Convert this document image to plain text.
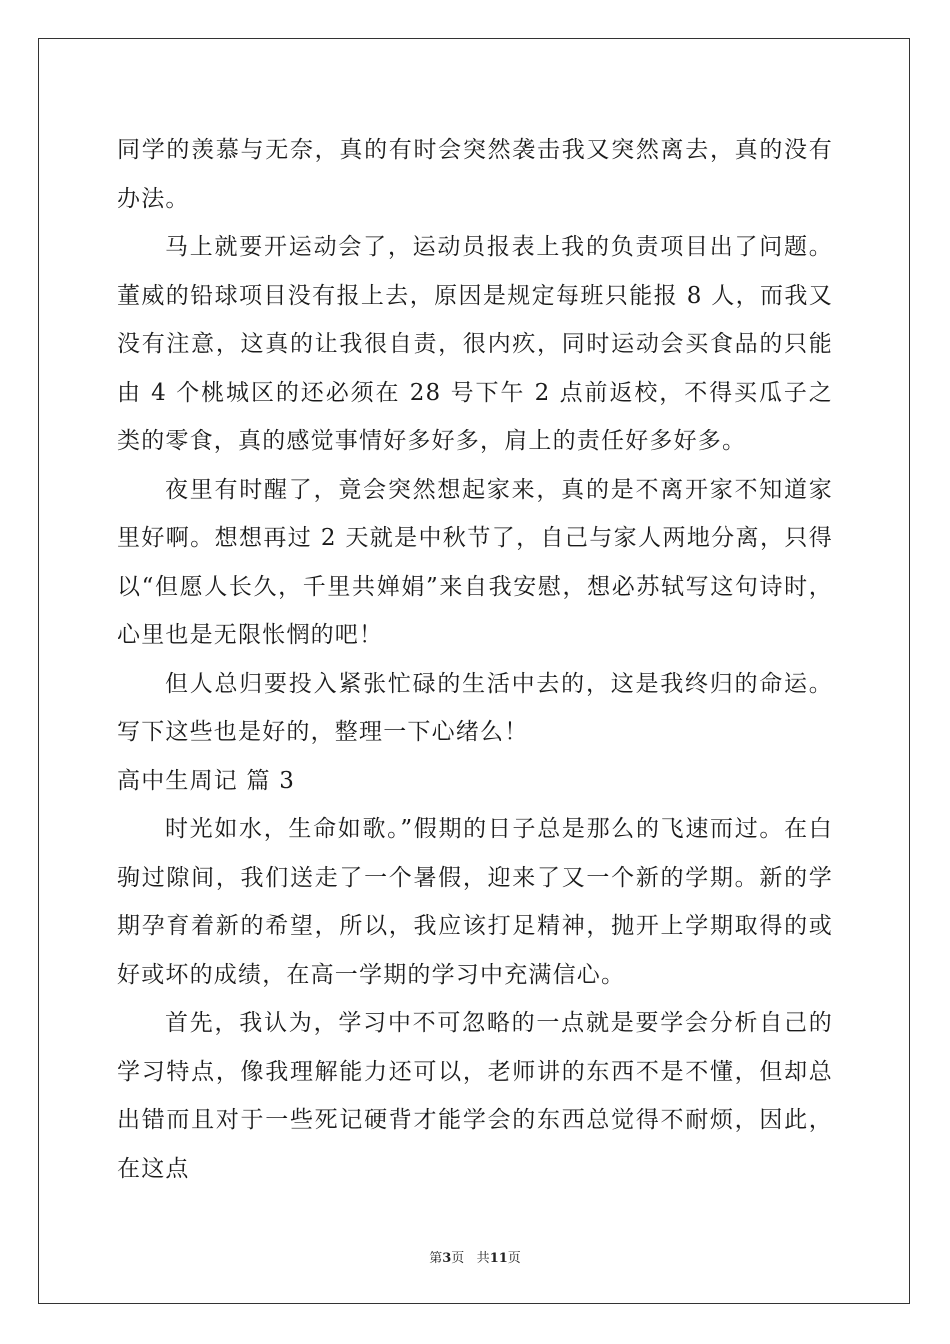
同学的羡慕与无奈，真的有时会突然袭击我又突然离去，真的没有办法。

马上就要开运动会了，运动员报表上我的负责项目出了问题。董威的铅球项目没有报上去，原因是规定每班只能报 8 人，而我又没有注意，这真的让我很自责，很内疚，同时运动会买食品的只能由 4 个桃城区的还必须在 28 号下午 2 点前返校，不得买瓜子之类的零食，真的感觉事情好多好多，肩上的责任好多好多。

夜里有时醒了，竟会突然想起家来，真的是不离开家不知道家里好啊。想想再过 2 天就是中秋节了，自己与家人两地分离，只得以“但愿人长久，千里共婵娟”来自我安慰，想必苏轼写这句诗时，心里也是无限怅惘的吧！

但人总归要投入紧张忙碌的生活中去的，这是我终归的命运。写下这些也是好的，整理一下心绪么！

高中生周记 篇 3

时光如水，生命如歌。”假期的日子总是那么的飞速而过。在白驹过隙间，我们送走了一个暑假，迎来了又一个新的学期。新的学期孕育着新的希望，所以，我应该打足精神，抛开上学期取得的或好或坏的成绩，在高一学期的学习中充满信心。

首先，我认为，学习中不可忽略的一点就是要学会分析自己的学习特点，像我理解能力还可以，老师讲的东西不是不懂，但却总出错而且对于一些死记硬背才能学会的东西总觉得不耐烦，因此，在这点

第3页 共11页
